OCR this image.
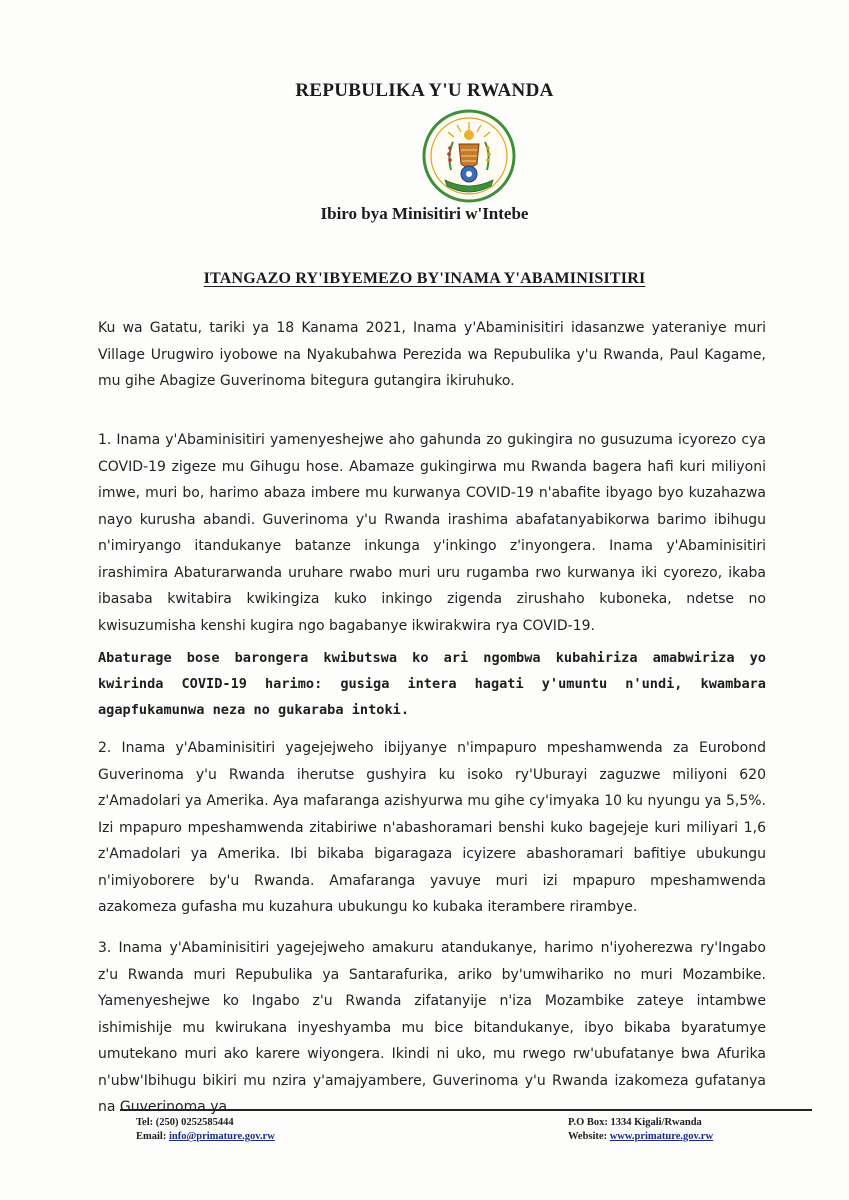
REPUBULIKA Y'U RWANDA
Ibiro bya Minisitiri w'Intebe
ITANGAZO RY'IBYEMEZO BY'INAMA Y'ABAMINISITIRI

Ku wa Gatatu, tariki ya 18 Kanama 2021, Inama y'Abaminisitiri idasanzwe yateraniye muri Village Urugwiro iyobowe na Nyakubahwa Perezida wa Repubulika y'u Rwanda, Paul Kagame, mu gihe Abagize Guverinoma bitegura gutangira ikiruhuko.

1. Inama y'Abaminisitiri yamenyeshejwe aho gahunda zo gukingira no gusuzuma icyorezo cya COVID-19 zigeze mu Gihugu hose. Abamaze gukingirwa mu Rwanda bagera hafi kuri miliyoni imwe, muri bo, harimo abaza imbere mu kurwanya COVID-19 n'abafite ibyago byo kuzahazwa nayo kurusha abandi. Guverinoma y'u Rwanda irashima abafatanyabikorwa barimo ibihugu n'imiryango itandukanye batanze inkunga y'inkingo z'inyongera. Inama y'Abaminisitiri irashimira Abaturarwanda uruhare rwabo muri uru rugamba rwo kurwanya iki cyorezo, ikaba ibasaba kwitabira kwikingiza kuko inkingo zigenda zirushaho kuboneka, ndetse no kwisuzumisha kenshi kugira ngo bagabanye ikwirakwira rya COVID-19.

Abaturage bose barongera kwibutswa ko ari ngombwa kubahiriza amabwiriza yo kwirinda COVID-19 harimo: gusiga intera hagati y'umuntu n'undi, kwambara agapfukamunwa neza no gukaraba intoki.

2. Inama y'Abaminisitiri yagejejweho ibijyanye n'impapuro mpeshamwenda za Eurobond Guverinoma y'u Rwanda iherutse gushyira ku isoko ry'Uburayi zaguzwe miliyoni 620 z'Amadolari ya Amerika. Aya mafaranga azishyurwa mu gihe cy'imyaka 10 ku nyungu ya 5,5%. Izi mpapuro mpeshamwenda zitabiriwe n'abashoramari benshi kuko bagejeje kuri miliyari 1,6 z'Amadolari ya Amerika. Ibi bikaba bigaragaza icyizere abashoramari bafitiye ubukungu n'imiyoborere by'u Rwanda. Amafaranga yavuye muri izi mpapuro mpeshamwenda azakomeza gufasha mu kuzahura ubukungu ko kubaka iterambere rirambye.

3. Inama y'Abaminisitiri yagejejweho amakuru atandukanye, harimo n'iyoherezwa ry'Ingabo z'u Rwanda muri Repubulika ya Santarafurika, ariko by'umwihariko no muri Mozambike. Yamenyeshejwe ko Ingabo z'u Rwanda zifatanyije n'iza Mozambike zateye intambwe ishimishije mu kwirukana inyeshyamba mu bice bitandukanye, ibyo bikaba byaratumye umutekano muri ako karere wiyongera. Ikindi ni uko, mu rwego rw'ubufatanye bwa Afurika n'ubw'Ibihugu bikiri mu nzira y'amajyambere, Guverinoma y'u Rwanda izakomeza gufatanya na Guverinoma ya

Tel: (250) 0252585444
Email: info@primature.gov.rw
P.O Box: 1334 Kigali/Rwanda
Website: www.primature.gov.rw
